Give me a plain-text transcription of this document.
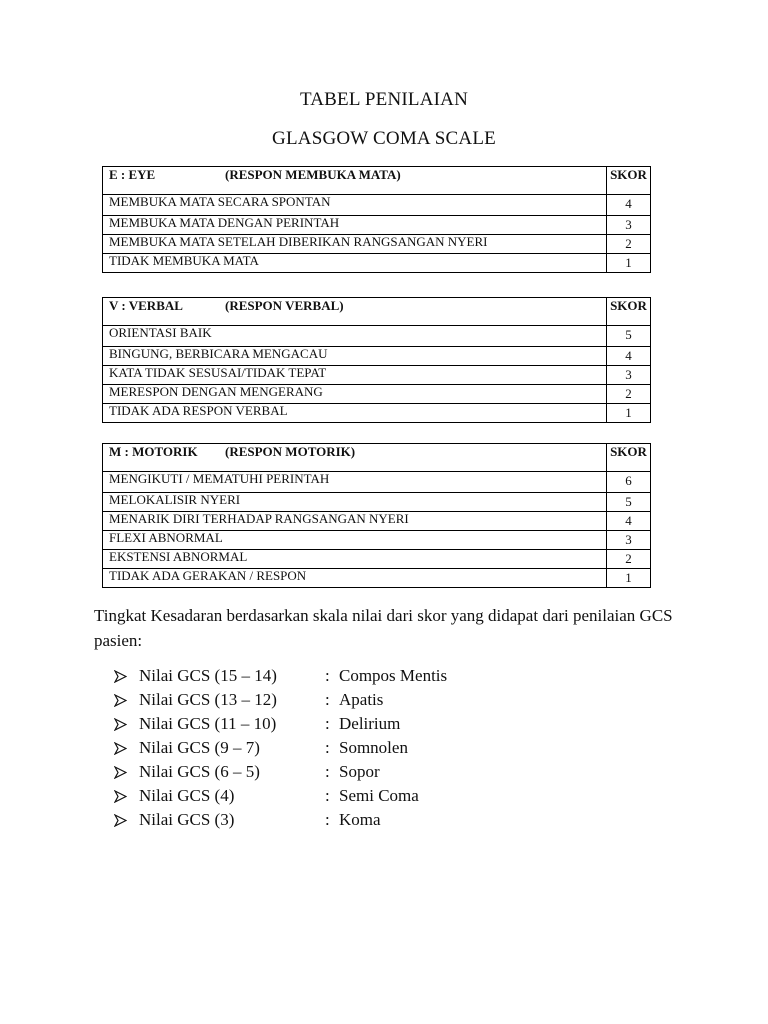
TABEL PENILAIAN
GLASGOW COMA SCALE
E : EYE (RESPON MEMBUKA MATA)	SKOR
MEMBUKA MATA SECARA SPONTAN	4
MEMBUKA MATA DENGAN PERINTAH	3
MEMBUKA MATA SETELAH DIBERIKAN RANGSANGAN NYERI	2
TIDAK MEMBUKA MATA	1
V : VERBAL (RESPON VERBAL)	SKOR
ORIENTASI BAIK	5
BINGUNG, BERBICARA MENGACAU	4
KATA TIDAK SESUSAI/TIDAK TEPAT	3
MERESPON DENGAN MENGERANG	2
TIDAK ADA RESPON VERBAL	1
M : MOTORIK (RESPON MOTORIK)	SKOR
MENGIKUTI / MEMATUHI PERINTAH	6
MELOKALISIR NYERI	5
MENARIK DIRI TERHADAP RANGSANGAN NYERI	4
FLEXI ABNORMAL	3
EKSTENSI ABNORMAL	2
TIDAK ADA GERAKAN / RESPON	1
Tingkat Kesadaran berdasarkan skala nilai dari skor yang didapat dari penilaian GCS pasien:
Nilai GCS (15 – 14)	: Compos Mentis
Nilai GCS (13 – 12)	: Apatis
Nilai GCS (11 – 10)	: Delirium
Nilai GCS (9 – 7)	: Somnolen
Nilai GCS (6 – 5)	: Sopor
Nilai GCS (4)	: Semi Coma
Nilai GCS (3)	: Koma
